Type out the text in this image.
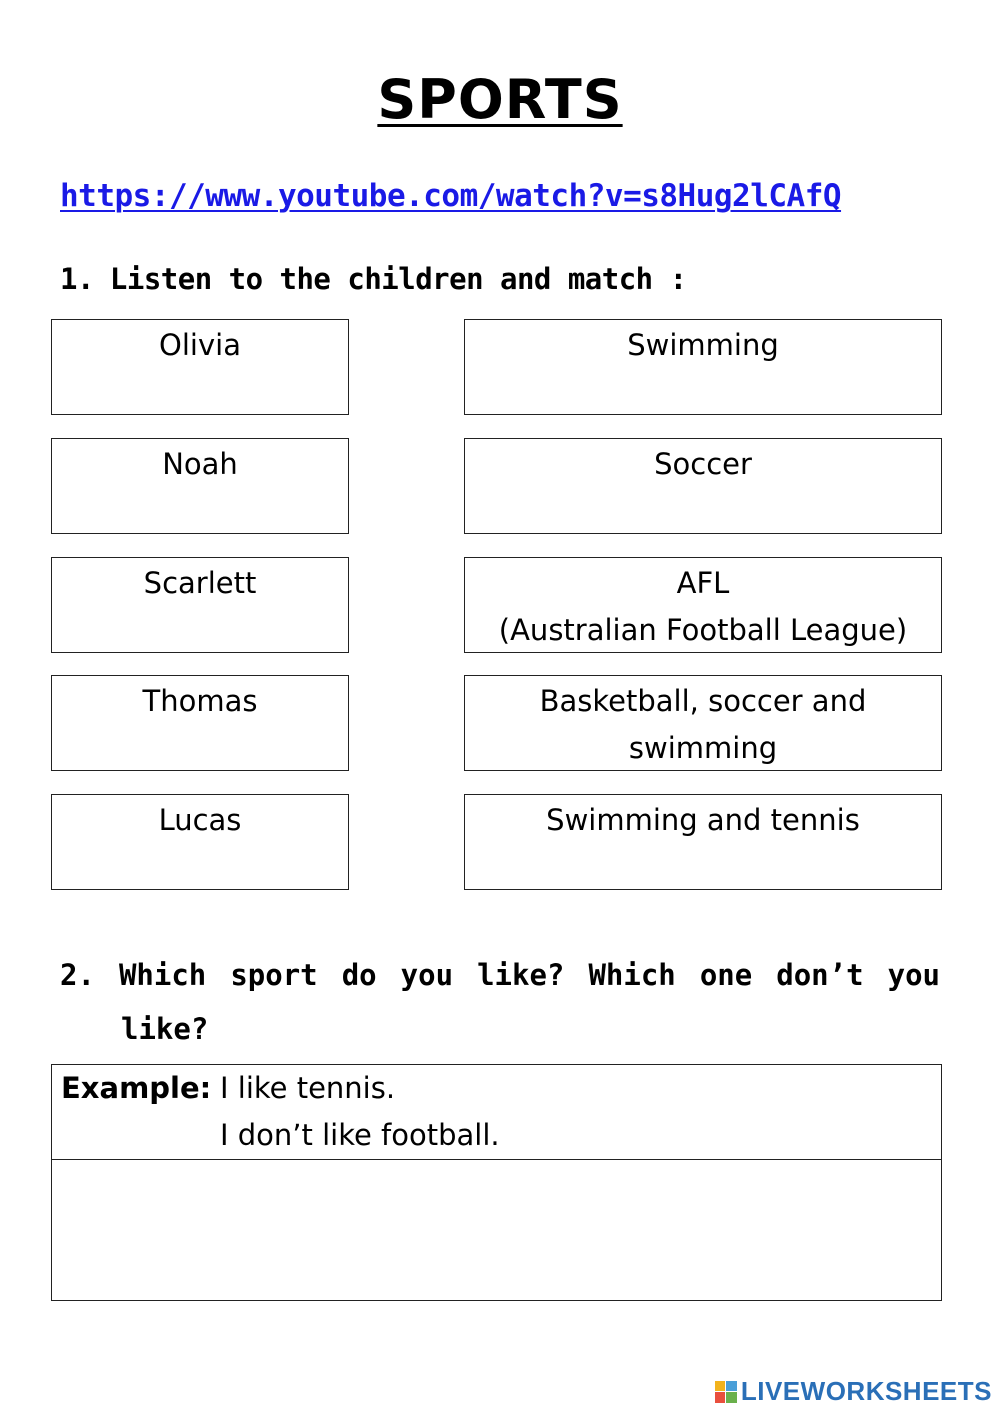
SPORTS
https://www.youtube.com/watch?v=s8Hug2lCAfQ
1. Listen to the children and match :
Olivia
Noah
Scarlett
Thomas
Lucas
Swimming
Soccer
AFL
(Australian Football League)
Basketball, soccer and
swimming
Swimming and tennis
2. Which sport do you like? Which one don’t you
like?
Example: I like tennis.
I don’t like football.
LIVEWORKSHEETS
